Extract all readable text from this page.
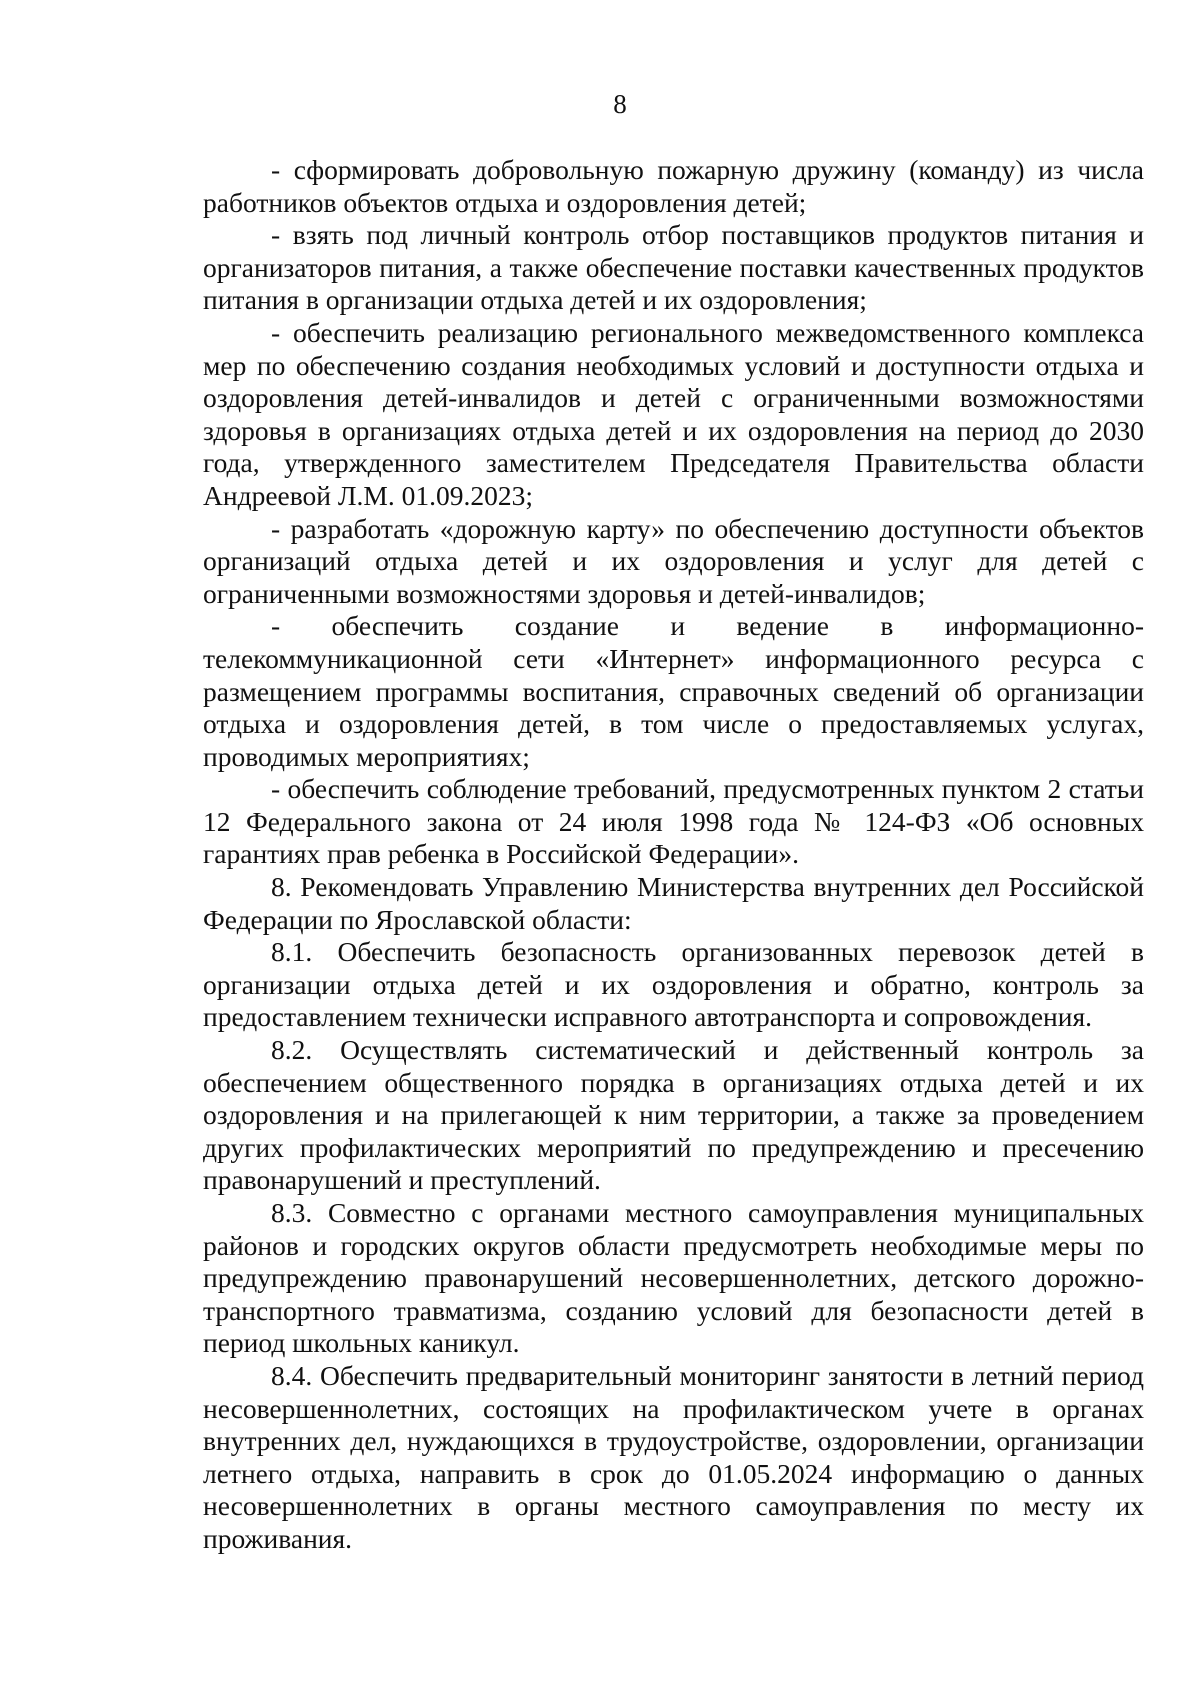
8

- сформировать добровольную пожарную дружину (команду) из числа работников объектов отдыха и оздоровления детей;

- взять под личный контроль отбор поставщиков продуктов питания и организаторов питания, а также обеспечение поставки качественных продуктов питания в организации отдыха детей и их оздоровления;

- обеспечить реализацию регионального межведомственного комплекса мер по обеспечению создания необходимых условий и доступности отдыха и оздоровления детей-инвалидов и детей с ограниченными возможностями здоровья в организациях отдыха детей и их оздоровления на период до 2030 года, утвержденного заместителем Председателя Правительства области Андреевой Л.М. 01.09.2023;

- разработать «дорожную карту» по обеспечению доступности объектов организаций отдыха детей и их оздоровления и услуг для детей с ограниченными возможностями здоровья и детей-инвалидов;

- обеспечить создание и ведение в информационно-телекоммуникационной сети «Интернет» информационного ресурса с размещением программы воспитания, справочных сведений об организации отдыха и оздоровления детей, в том числе о предоставляемых услугах, проводимых мероприятиях;

- обеспечить соблюдение требований, предусмотренных пунктом 2 статьи 12 Федерального закона от 24 июля 1998 года № 124-ФЗ «Об основных гарантиях прав ребенка в Российской Федерации».

8. Рекомендовать Управлению Министерства внутренних дел Российской Федерации по Ярославской области:

8.1. Обеспечить безопасность организованных перевозок детей в организации отдыха детей и их оздоровления и обратно, контроль за предоставлением технически исправного автотранспорта и сопровождения.

8.2. Осуществлять систематический и действенный контроль за обеспечением общественного порядка в организациях отдыха детей и их оздоровления и на прилегающей к ним территории, а также за проведением других профилактических мероприятий по предупреждению и пресечению правонарушений и преступлений.

8.3. Совместно с органами местного самоуправления муниципальных районов и городских округов области предусмотреть необходимые меры по предупреждению правонарушений несовершеннолетних, детского дорожно-транспортного травматизма, созданию условий для безопасности детей в период школьных каникул.

8.4. Обеспечить предварительный мониторинг занятости в летний период несовершеннолетних, состоящих на профилактическом учете в органах внутренних дел, нуждающихся в трудоустройстве, оздоровлении, организации летнего отдыха, направить в срок до 01.05.2024 информацию о данных несовершеннолетних в органы местного самоуправления по месту их проживания.
